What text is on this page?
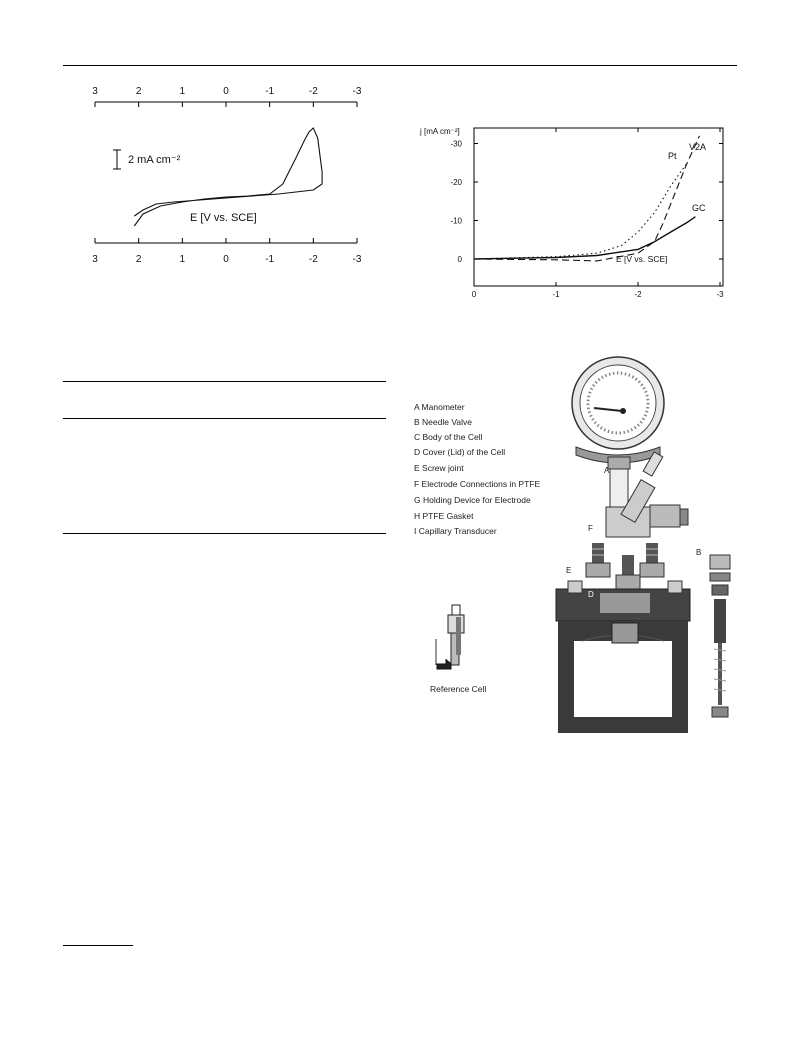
3
3
2
2
1
1
0
0
-1
-1
-2
-2
-3
-3
2 mA cm⁻²
E [V vs. SCE]
0	-1	-2	-3
-30
-20
-10
0
j [mA cm⁻²]
E [V vs. SCE]
Pt
V2A
GC
A Manometer
B Needle Valve
C Body of the Cell
D Cover (Lid) of the Cell
E Screw joint
F Electrode Connections in PTFE
G Holding Device for Electrode
H PTFE Gasket
I Capillary Transducer
Reference Cell
A
B
C
D
E
F
G
H
